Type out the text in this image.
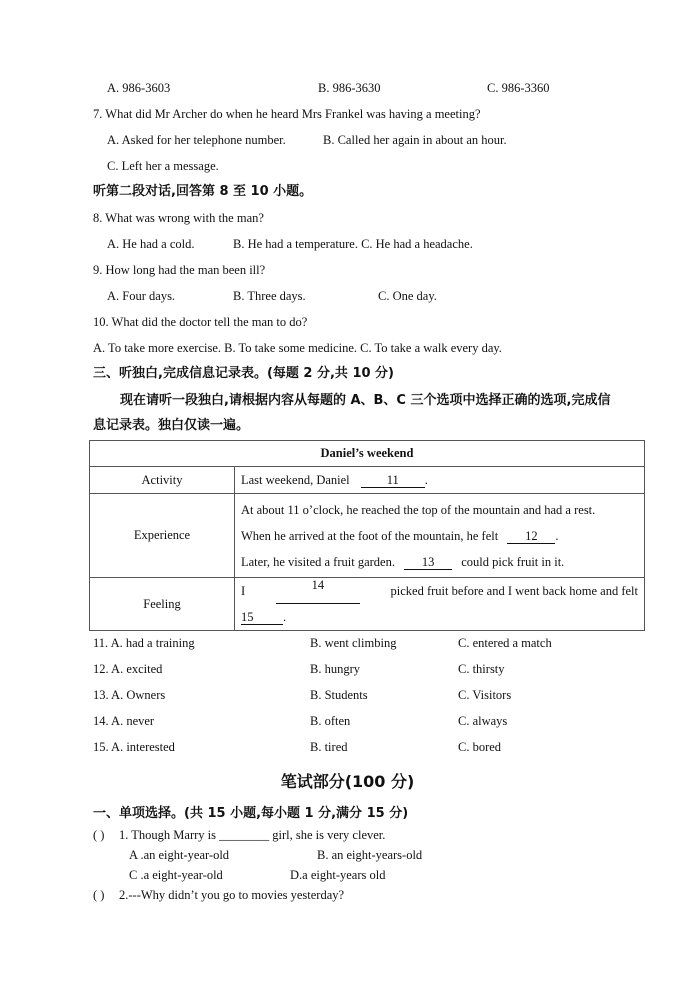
A. 986-3603	B. 986-3630	C. 986-3360
7. What did Mr Archer do when he heard Mrs Frankel was having a meeting?
A. Asked for her telephone number.	B. Called her again in about an hour.
C. Left her a message.
听第二段对话,回答第 8 至 10 小题。
8. What was wrong with the man?
A. He had a cold.	B. He had a temperature. C. He had a headache.
9. How long had the man been ill?
A. Four days.	B. Three days.	C. One day.
10. What did the doctor tell the man to do?
A. To take more exercise. B. To take some medicine. C. To take a walk every day.
三、听独白,完成信息记录表。(每题 2 分,共 10 分)
现在请听一段独白,请根据内容从每题的 A、B、C 三个选项中选择正确的选项,完成信
息记录表。独白仅读一遍。
Daniel’s weekend	
Activity	Last weekend, Daniel 11 .
Experience	At about 11 o’clock, he reached the top of the mountain and had a rest.
When he arrived at the foot of the mountain, he felt 12 .
Later, he visited a fruit garden. 13 could pick fruit in it.

Feeling	I 14 picked fruit before and I went back home and felt
15 .
11. A. had a training	B. went climbing	C. entered a match
12. A. excited	B. hungry	C. thirsty
13. A. Owners	B. Students	C. Visitors
14. A. never	B. often	C. always
15. A. interested	B. tired	C. bored
笔试部分(100 分)
一、单项选择。(共 15 小题,每小题 1 分,满分 15 分)
( ) 1. Though Marry is ________ girl, she is very clever.
A .an eight-year-old	B. an eight-years-old
C .a eight-year-old	D.a eight-years old
( ) 2.---Why didn’t you go to movies yesterday?
